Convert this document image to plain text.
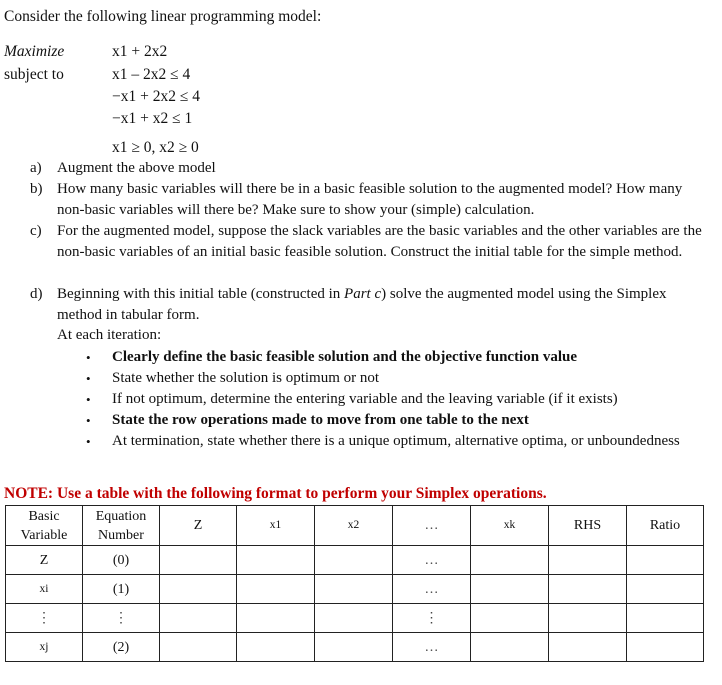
Consider the following linear programming model:
Maximize	x1 + 2x2
subject to	x1 – 2x2 ≤ 4
−x1 + 2x2 ≤ 4
−x1 + x2 ≤ 1
x1 ≥ 0, x2 ≥ 0
a) Augment the above model
b) How many basic variables will there be in a basic feasible solution to the augmented model? How many non-basic variables will there be? Make sure to show your (simple) calculation.
c) For the augmented model, suppose the slack variables are the basic variables and the other variables are the non-basic variables of an initial basic feasible solution. Construct the initial table for the simple method.
d) Beginning with this initial table (constructed in Part c) solve the augmented model using the Simplex method in tabular form.
At each iteration:
• Clearly define the basic feasible solution and the objective function value
• State whether the solution is optimum or not
• If not optimum, determine the entering variable and the leaving variable (if it exists)
• State the row operations made to move from one table to the next
• At termination, state whether there is a unique optimum, alternative optima, or unboundedness
NOTE: Use a table with the following format to perform your Simplex operations.
Basic Variable	Equation Number	Z	x1	x2	…	xk	RHS	Ratio
Z	(0)				…			
xi	(1)				…			
⋮	⋮				⋮			
xj	(2)				…			
